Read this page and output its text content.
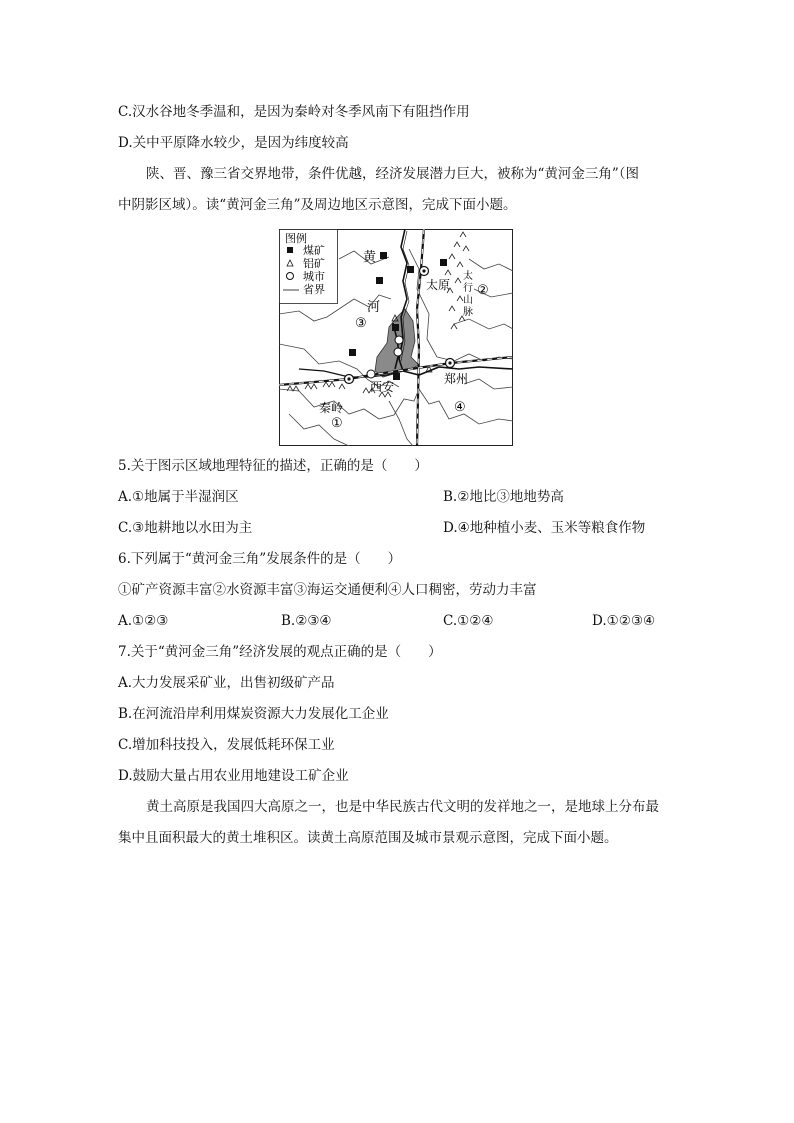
C.汉水谷地冬季温和，是因为秦岭对冬季风南下有阻挡作用
D.关中平原降水较少，是因为纬度较高
陕、晋、豫三省交界地带，条件优越，经济发展潜力巨大，被称为“黄河金三角”（图
中阴影区域）。读“黄河金三角”及周边地区示意图，完成下面小题。
图例
煤矿
铝矿
城市
省界
黄
河
太原
郑州
西安
太
行
山
脉
秦岭
①
②
③
④
5.关于图示区域地理特征的描述，正确的是（　　）
A.①地属于半湿润区	B.②地比③地地势高
C.③地耕地以水田为主	D.④地种植小麦、玉米等粮食作物
6.下列属于“黄河金三角”发展条件的是（　　）
①矿产资源丰富②水资源丰富③海运交通便利④人口稠密，劳动力丰富
A.①②③	B.②③④	C.①②④	D.①②③④
7.关于“黄河金三角”经济发展的观点正确的是（　　）
A.大力发展采矿业，出售初级矿产品
B.在河流沿岸利用煤炭资源大力发展化工企业
C.增加科技投入，发展低耗环保工业
D.鼓励大量占用农业用地建设工矿企业
黄土高原是我国四大高原之一，也是中华民族古代文明的发祥地之一，是地球上分布最
集中且面积最大的黄土堆积区。读黄土高原范围及城市景观示意图，完成下面小题。
